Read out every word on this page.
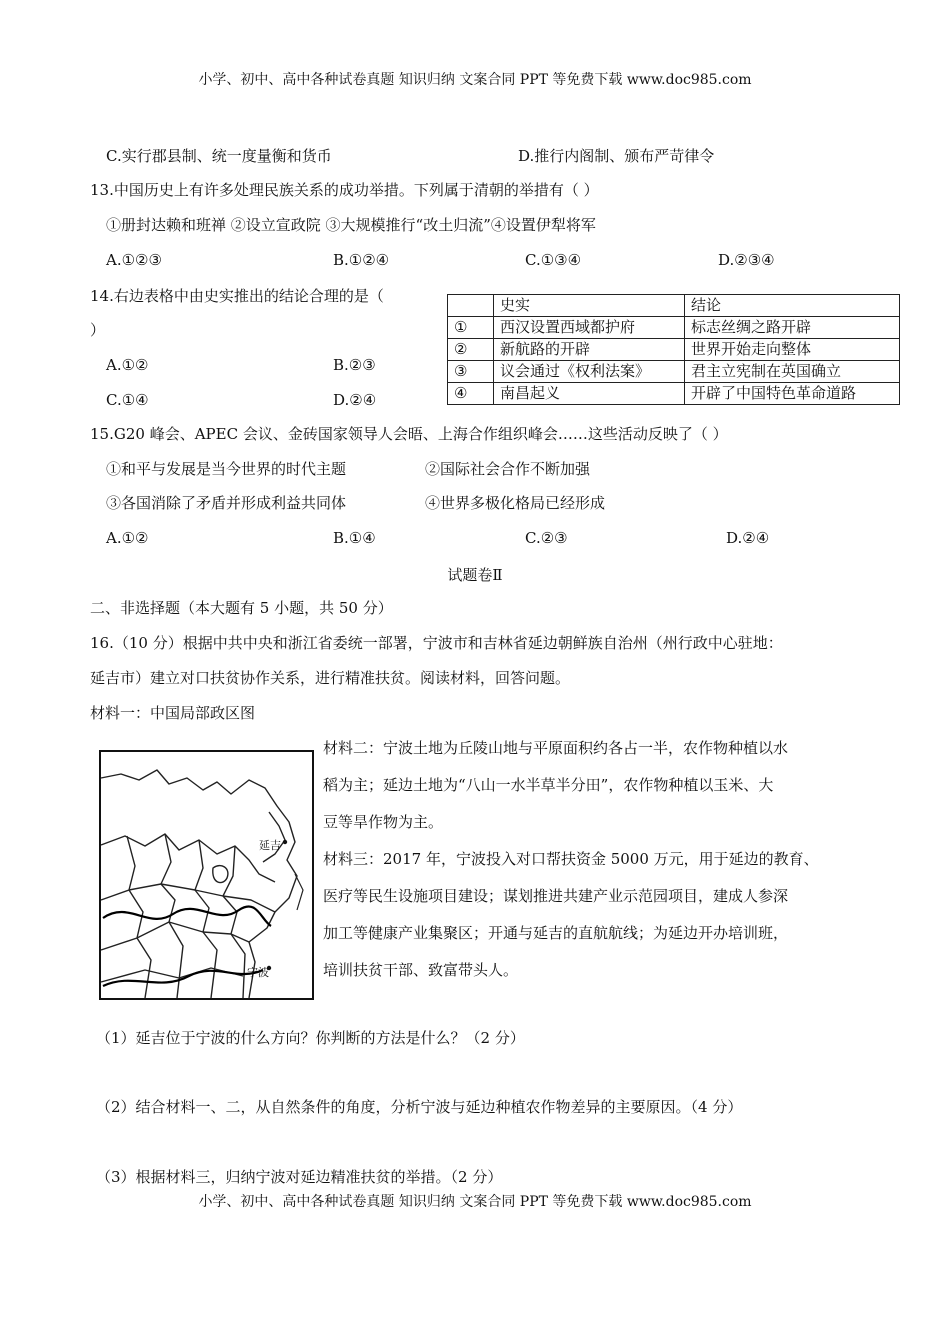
小学、初中、高中各种试卷真题 知识归纳 文案合同 PPT 等免费下载 www.doc985.com
C.实行郡县制、统一度量衡和货币	D.推行内阁制、颁布严苛律令
13.中国历史上有许多处理民族关系的成功举措。下列属于清朝的举措有（ ）
①册封达赖和班禅 ②设立宣政院 ③大规模推行“改土归流”④设置伊犁将军
A.①②③	B.①②④	C.①③④	D.②③④
14.右边表格中由史实推出的结论合理的是（
）
A.①②	B.②③
C.①④	D.②④
	史实	结论
①	西汉设置西域都护府	标志丝绸之路开辟
②	新航路的开辟	世界开始走向整体
③	议会通过《权利法案》	君主立宪制在英国确立
④	南昌起义	开辟了中国特色革命道路
15.G20 峰会、APEC 会议、金砖国家领导人会晤、上海合作组织峰会……这些活动反映了（ ）
①和平与发展是当今世界的时代主题	②国际社会合作不断加强
③各国消除了矛盾并形成利益共同体	④世界多极化格局已经形成
A.①②	B.①④	C.②③	D.②④
试题卷Ⅱ
二、非选择题（本大题有 5 小题，共 50 分）
16.（10 分）根据中共中央和浙江省委统一部署，宁波市和吉林省延边朝鲜族自治州（州行政中心驻地：
延吉市）建立对口扶贫协作关系，进行精准扶贫。阅读材料，回答问题。
材料一：中国局部政区图
延吉
宁波
材料二：宁波土地为丘陵山地与平原面积约各占一半，农作物种植以水
稻为主；延边土地为“八山一水半草半分田”，农作物种植以玉米、大
豆等旱作物为主。
材料三：2017 年，宁波投入对口帮扶资金 5000 万元，用于延边的教育、
医疗等民生设施项目建设；谋划推进共建产业示范园项目，建成人参深
加工等健康产业集聚区；开通与延吉的直航航线；为延边开办培训班，
培训扶贫干部、致富带头人。
（1）延吉位于宁波的什么方向？你判断的方法是什么？（2 分）
（2）结合材料一、二，从自然条件的角度，分析宁波与延边种植农作物差异的主要原因。（4 分）
（3）根据材料三，归纳宁波对延边精准扶贫的举措。（2 分）
小学、初中、高中各种试卷真题 知识归纳 文案合同 PPT 等免费下载 www.doc985.com
